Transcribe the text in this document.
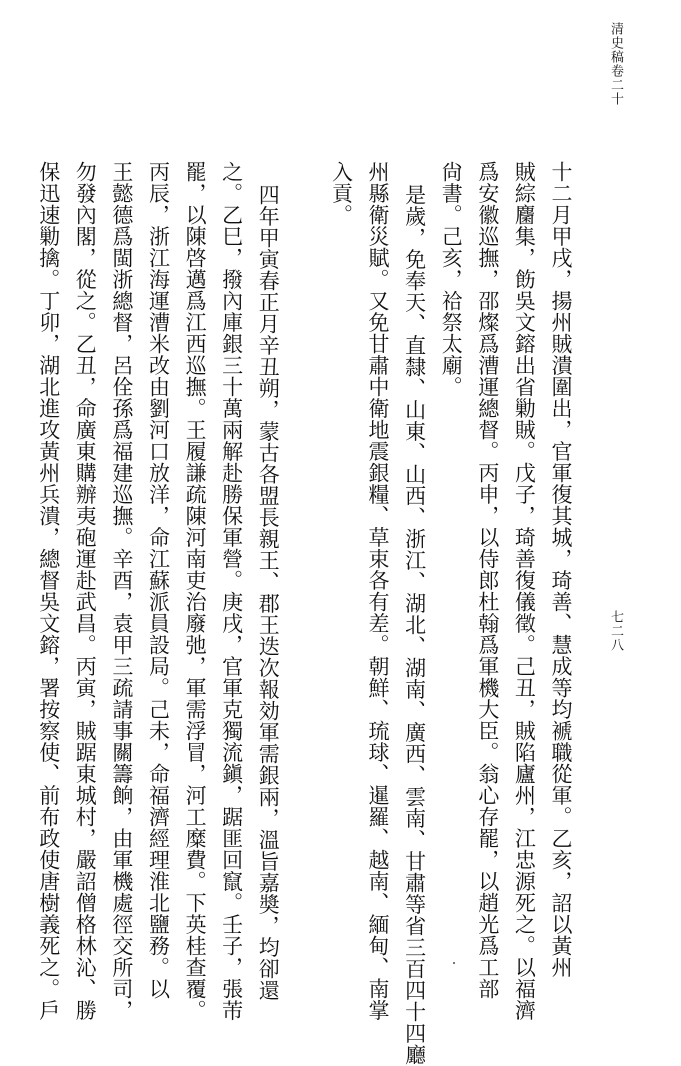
清史稿卷二十
七二八
十二月甲戌，揚州賊潰圍出，官軍復其城，琦善、慧成等均褫職從軍。乙亥，詔以黃州
賊綜麕集，飭吳文鎔出省勦賊。戊子，琦善復儀徵。己丑，賊陷廬州，江忠源死之。以福濟
爲安徽巡撫，邵燦爲漕運總督。丙申，以侍郎杜翰爲軍機大臣。翁心存罷，以趙光爲工部
尙書。己亥，祫祭太廟。
是歲，免奉天、直隸、山東、山西、浙江、湖北、湖南、廣西、雲南、甘肅等省三百四十四廳
州縣衛災賦。又免甘肅中衛地震銀糧、草束各有差。朝鮮、琉球、暹羅、越南、緬甸、南掌
入貢。
四年甲寅春正月辛丑朔，蒙古各盟長親王、郡王迭次報効軍需銀兩，溫旨嘉奬，均卻還
之。乙巳，撥內庫銀三十萬兩解赴勝保軍營。庚戌，官軍克獨流鎭，踞匪回竄。壬子，張芾
罷，以陳啓邁爲江西巡撫。王履謙疏陳河南吏治廢弛，軍需浮冒，河工糜費。下英桂查覆。
丙辰，浙江海運漕米改由劉河口放洋，命江蘇派員設局。己未，命福濟經理淮北鹽務。以
王懿德爲閩浙總督，呂佺孫爲福建巡撫。辛酉，袁甲三疏請事關籌餉，由軍機處徑交所司，
勿發內閣，從之。乙丑，命廣東購辦夷砲運赴武昌。丙寅，賊踞東城村，嚴詔僧格林沁、勝
保迅速勦擒。丁卯，湖北進攻黃州兵潰，總督吳文鎔，署按察使、前布政使唐樹義死之。戶
